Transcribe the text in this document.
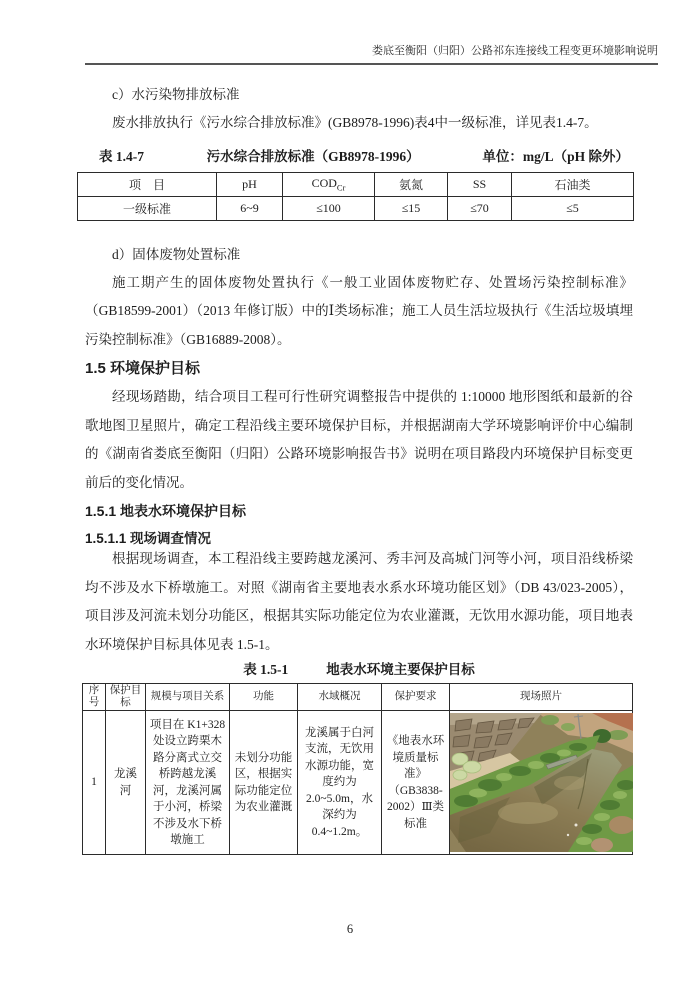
娄底至衡阳（归阳）公路祁东连接线工程变更环境影响说明
c）水污染物排放标准

废水排放执行《污水综合排放标准》(GB8978-1996)表4中一级标准，详见表1.4-7。

表 1.4-7	污水综合排放标准（GB8978-1996）	单位：mg/L（pH 除外）
项　目	pH	$COD_{Cr}$	氨氮	SS	石油类
一级标准	6~9	≤100	≤15	≤70	≤5
d）固体废物处置标准

施工期产生的固体废物处置执行《一般工业固体废物贮存、处置场污染控制标准》（GB18599-2001）（2013 年修订版）中的Ⅰ类场标准；施工人员生活垃圾执行《生活垃圾填埋污染控制标准》（GB16889-2008）。

1.5 环境保护目标

经现场踏勘，结合项目工程可行性研究调整报告中提供的 1:10000 地形图纸和最新的谷歌地图卫星照片，确定工程沿线主要环境保护目标，并根据湖南大学环境影响评价中心编制的《湖南省娄底至衡阳（归阳）公路环境影响报告书》说明在项目路段内环境保护目标变更前后的变化情况。

1.5.1 地表水环境保护目标
1.5.1.1 现场调查情况

根据现场调查，本工程沿线主要跨越龙溪河、秀丰河及高城门河等小河，项目沿线桥梁均不涉及水下桥墩施工。对照《湖南省主要地表水系水环境功能区划》（DB 43/023-2005），项目涉及河流未划分功能区，根据其实际功能定位为农业灌溉，无饮用水源功能，项目地表水环境保护目标具体见表 1.5-1。

表 1.5-1	地表水环境主要保护目标
序号	保护目标	规模与项目关系	功能	水域概况	保护要求	现场照片
1	龙溪河	项目在 K1+328 处设立跨栗木路分离式立交桥跨越龙溪河，龙溪河属于小河，桥梁不涉及水下桥墩施工	未划分功能区，根据实际功能定位为农业灌溉	龙溪属于白河支流，无饮用水源功能，宽度约为 2.0~5.0m，水深约为 0.4~1.2m。	《地表水环境质量标准》（GB3838-2002）Ⅲ类标准	
6
